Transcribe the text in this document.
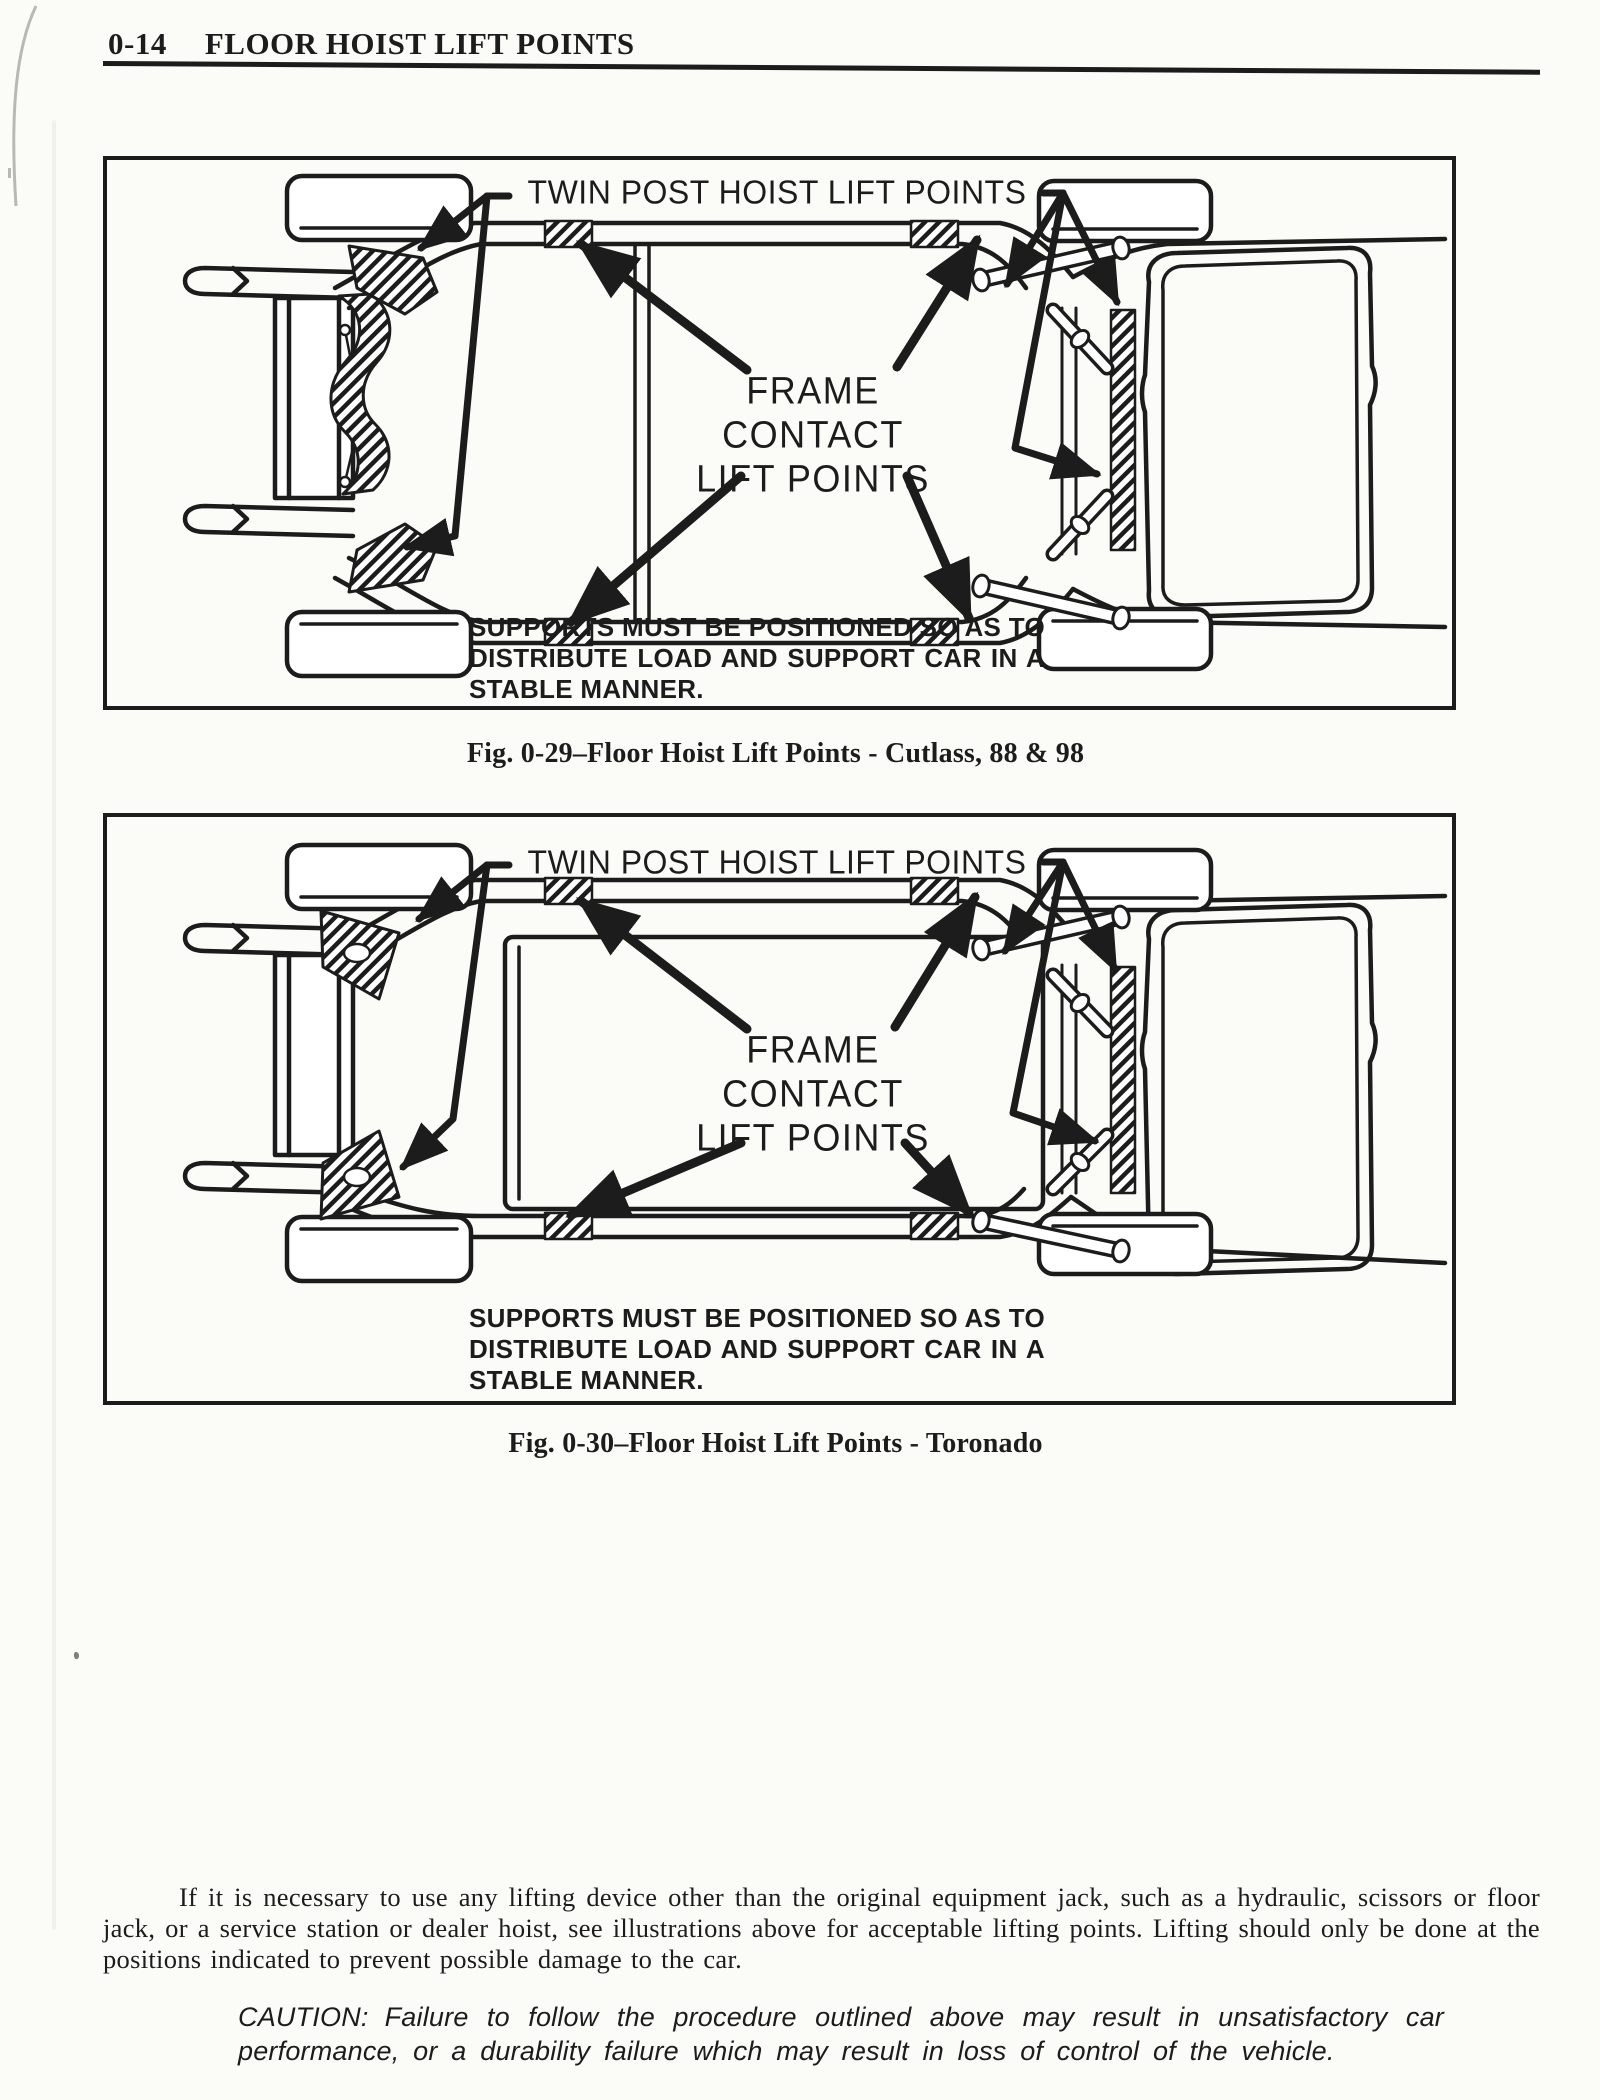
0-14 FLOOR HOIST LIFT POINTS
TWIN POST HOIST LIFT POINTS
FRAME CONTACT
LIFT POINTS
SUPPORTS MUST BE POSITIONED SO AS TO
DISTRIBUTE LOAD AND SUPPORT CAR IN A
STABLE MANNER.
Fig. 0-29–Floor Hoist Lift Points - Cutlass, 88 & 98
TWIN POST HOIST LIFT POINTS
FRAME CONTACT
LIFT POINTS
SUPPORTS MUST BE POSITIONED SO AS TO
DISTRIBUTE LOAD AND SUPPORT CAR IN A
STABLE MANNER.
Fig. 0-30–Floor Hoist Lift Points - Toronado

If it is necessary to use any lifting device other than the original equipment jack, such as a hydraulic, scissors or floor jack, or a service station or dealer hoist, see illustrations above for acceptable lifting points. Lifting should only be done at the positions indicated to prevent possible damage to the car.

CAUTION: Failure to follow the procedure outlined above may result in unsatisfactory car performance, or a durability failure which may result in loss of control of the vehicle.
